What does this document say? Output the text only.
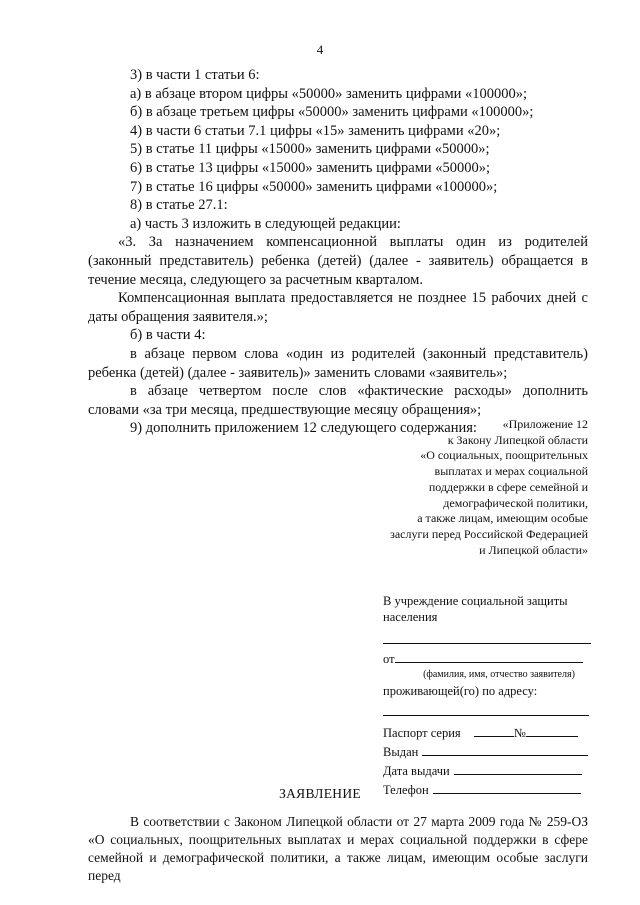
4

3) в части 1 статьи 6:

а) в абзаце втором цифры «50000» заменить цифрами «100000»;

б) в абзаце третьем цифры «50000» заменить цифрами «100000»;

4) в части 6 статьи 7.1 цифры «15» заменить цифрами «20»;

5) в статье 11 цифры «15000» заменить цифрами «50000»;

6) в статье 13 цифры «15000» заменить цифрами «50000»;

7) в статье 16 цифры «50000» заменить цифрами «100000»;

8) в статье 27.1:

а) часть 3 изложить в следующей редакции:

«3. За назначением компенсационной выплаты один из родителей (законный представитель) ребенка (детей) (далее - заявитель) обращается в течение месяца, следующего за расчетным кварталом.

Компенсационная выплата предоставляется не позднее 15 рабочих дней с даты обращения заявителя.»;

б) в части 4:

в абзаце первом слова «один из родителей (законный представитель) ребенка (детей) (далее - заявитель)» заменить словами «заявитель»;

в абзаце четвертом после слов «фактические расходы» дополнить словами «за три месяца, предшествующие месяцу обращения»;

9) дополнить приложением 12 следующего содержания:	«Приложение 12
к Закону Липецкой области
«О социальных, поощрительных
выплатах и мерах социальной
поддержки в сфере семейной и
демографической политики,
а также лицам, имеющим особые
заслуги перед Российской Федерацией
и Липецкой области»
В учреждение социальной защиты
населения
от
(фамилия, имя, отчество заявителя)
проживающей(го) по адресу:
Паспорт серия	№
Выдан
Дата выдачи
Телефон
ЗАЯВЛЕНИЕ

В соответствии с Законом Липецкой области от 27 марта 2009 года № 259-ОЗ «О социальных, поощрительных выплатах и мерах социальной поддержки в сфере семейной и демографической политики, а также лицам, имеющим особые заслуги перед
